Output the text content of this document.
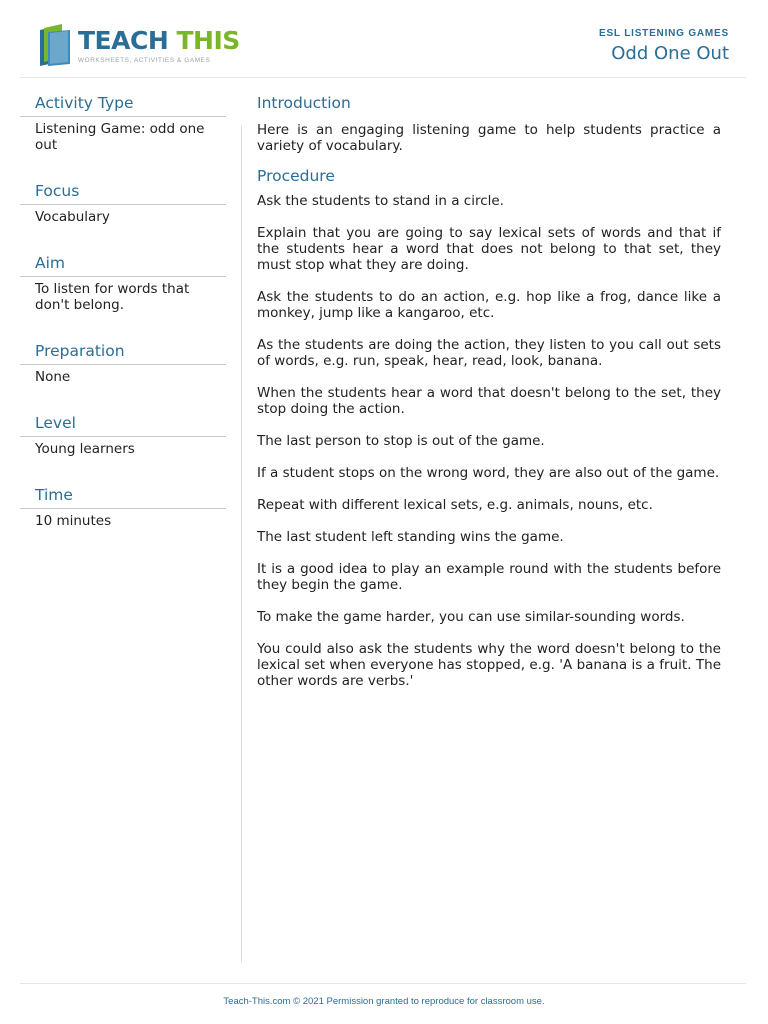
TEACH THIS
WORKSHEETS, ACTIVITIES & GAMES
ESL LISTENING GAMES
Odd One Out
Activity Type

Listening Game: odd one out

Focus

Vocabulary

Aim

To listen for words that don't belong.

Preparation

None

Level

Young learners

Time

10 minutes

Introduction

Here is an engaging listening game to help students practice a variety of vocabulary.

Procedure

Ask the students to stand in a circle.

Explain that you are going to say lexical sets of words and that if the students hear a word that does not belong to that set, they must stop what they are doing.

Ask the students to do an action, e.g. hop like a frog, dance like a monkey, jump like a kangaroo, etc.

As the students are doing the action, they listen to you call out sets of words, e.g. run, speak, hear, read, look, banana.

When the students hear a word that doesn't belong to the set, they stop doing the action.

The last person to stop is out of the game.

If a student stops on the wrong word, they are also out of the game.

Repeat with different lexical sets, e.g. animals, nouns, etc.

The last student left standing wins the game.

It is a good idea to play an example round with the students before they begin the game.

To make the game harder, you can use similar-sounding words.

You could also ask the students why the word doesn't belong to the lexical set when everyone has stopped, e.g. 'A banana is a fruit. The other words are verbs.'

Teach-This.com © 2021 Permission granted to reproduce for classroom use.
